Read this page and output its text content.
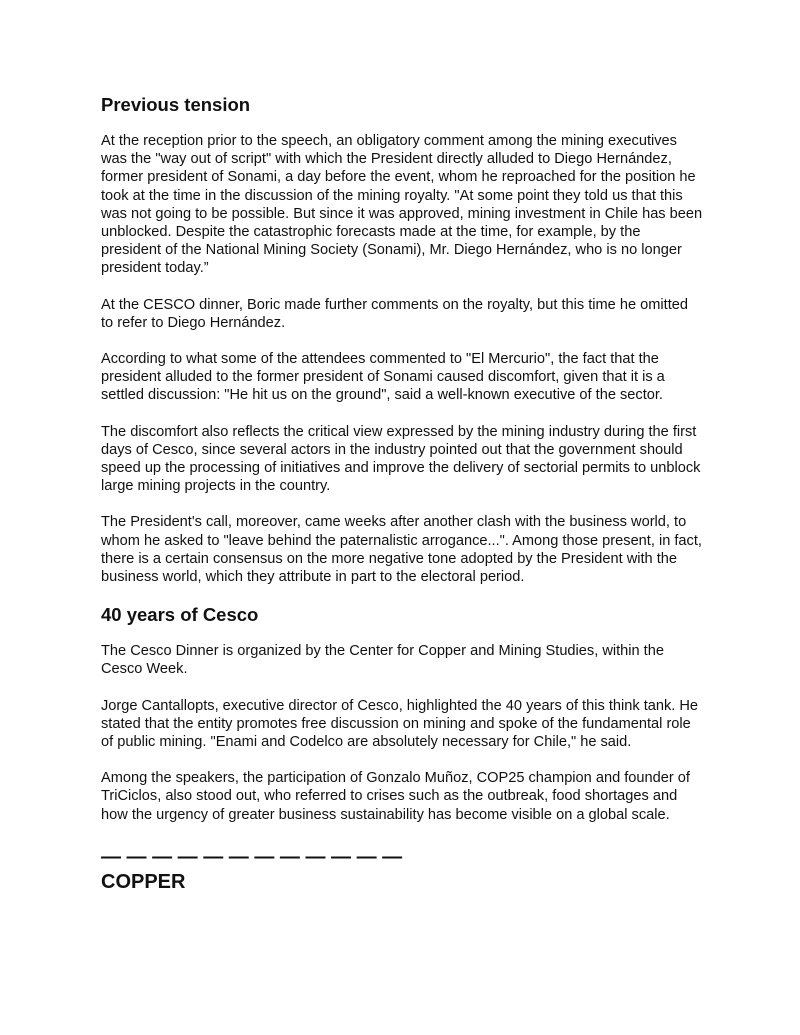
Previous tension

At the reception prior to the speech, an obligatory comment among the mining executives was the "way out of script" with which the President directly alluded to Diego Hernández, former president of Sonami, a day before the event, whom he reproached for the position he took at the time in the discussion of the mining royalty. "At some point they told us that this was not going to be possible. But since it was approved, mining investment in Chile has been unblocked. Despite the catastrophic forecasts made at the time, for example, by the president of the National Mining Society (Sonami), Mr. Diego Hernández, who is no longer president today.”

At the CESCO dinner, Boric made further comments on the royalty, but this time he omitted to refer to Diego Hernández.

According to what some of the attendees commented to "El Mercurio", the fact that the president alluded to the former president of Sonami caused discomfort, given that it is a settled discussion: "He hit us on the ground", said a well-known executive of the sector.

The discomfort also reflects the critical view expressed by the mining industry during the first days of Cesco, since several actors in the industry pointed out that the government should speed up the processing of initiatives and improve the delivery of sectorial permits to unblock large mining projects in the country.

The President's call, moreover, came weeks after another clash with the business world, to whom he asked to "leave behind the paternalistic arrogance...". Among those present, in fact, there is a certain consensus on the more negative tone adopted by the President with the business world, which they attribute in part to the electoral period.

40 years of Cesco

The Cesco Dinner is organized by the Center for Copper and Mining Studies, within the Cesco Week.

Jorge Cantallopts, executive director of Cesco, highlighted the 40 years of this think tank. He stated that the entity promotes free discussion on mining and spoke of the fundamental role of public mining. "Enami and Codelco are absolutely necessary for Chile," he said.

Among the speakers, the participation of Gonzalo Muñoz, COP25 champion and founder of TriCiclos, also stood out, who referred to crises such as the outbreak, food shortages and how the urgency of greater business sustainability has become visible on a global scale.

— — — — — — — — — — — —
COPPER
